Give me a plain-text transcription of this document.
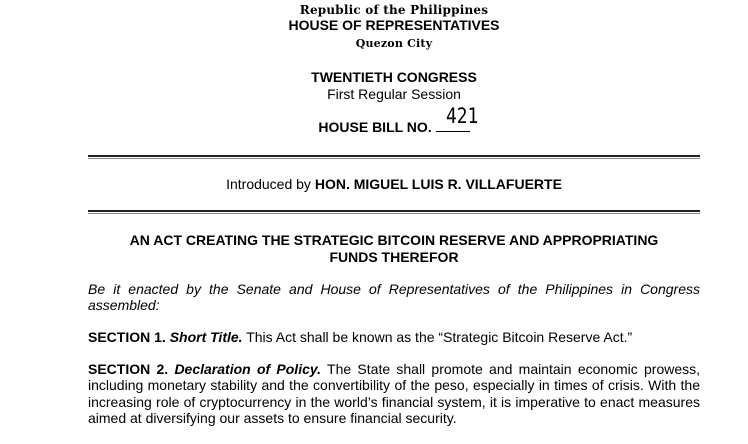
Republic of the Philippines
HOUSE OF REPRESENTATIVES
Quezon City
TWENTIETH CONGRESS
First Regular Session
421
HOUSE BILL NO.
Introduced by HON. MIGUEL LUIS R. VILLAFUERTE
AN ACT CREATING THE STRATEGIC BITCOIN RESERVE AND APPROPRIATING
FUNDS THEREFOR
Be it enacted by the Senate and House of Representatives of the Philippines in Congress assembled:
SECTION 1. Short Title. This Act shall be known as the “Strategic Bitcoin Reserve Act.”
SECTION 2. Declaration of Policy. The State shall promote and maintain economic prowess, including monetary stability and the convertibility of the peso, especially in times of crisis. With the increasing role of cryptocurrency in the world’s financial system, it is imperative to enact measures aimed at diversifying our assets to ensure financial security.
